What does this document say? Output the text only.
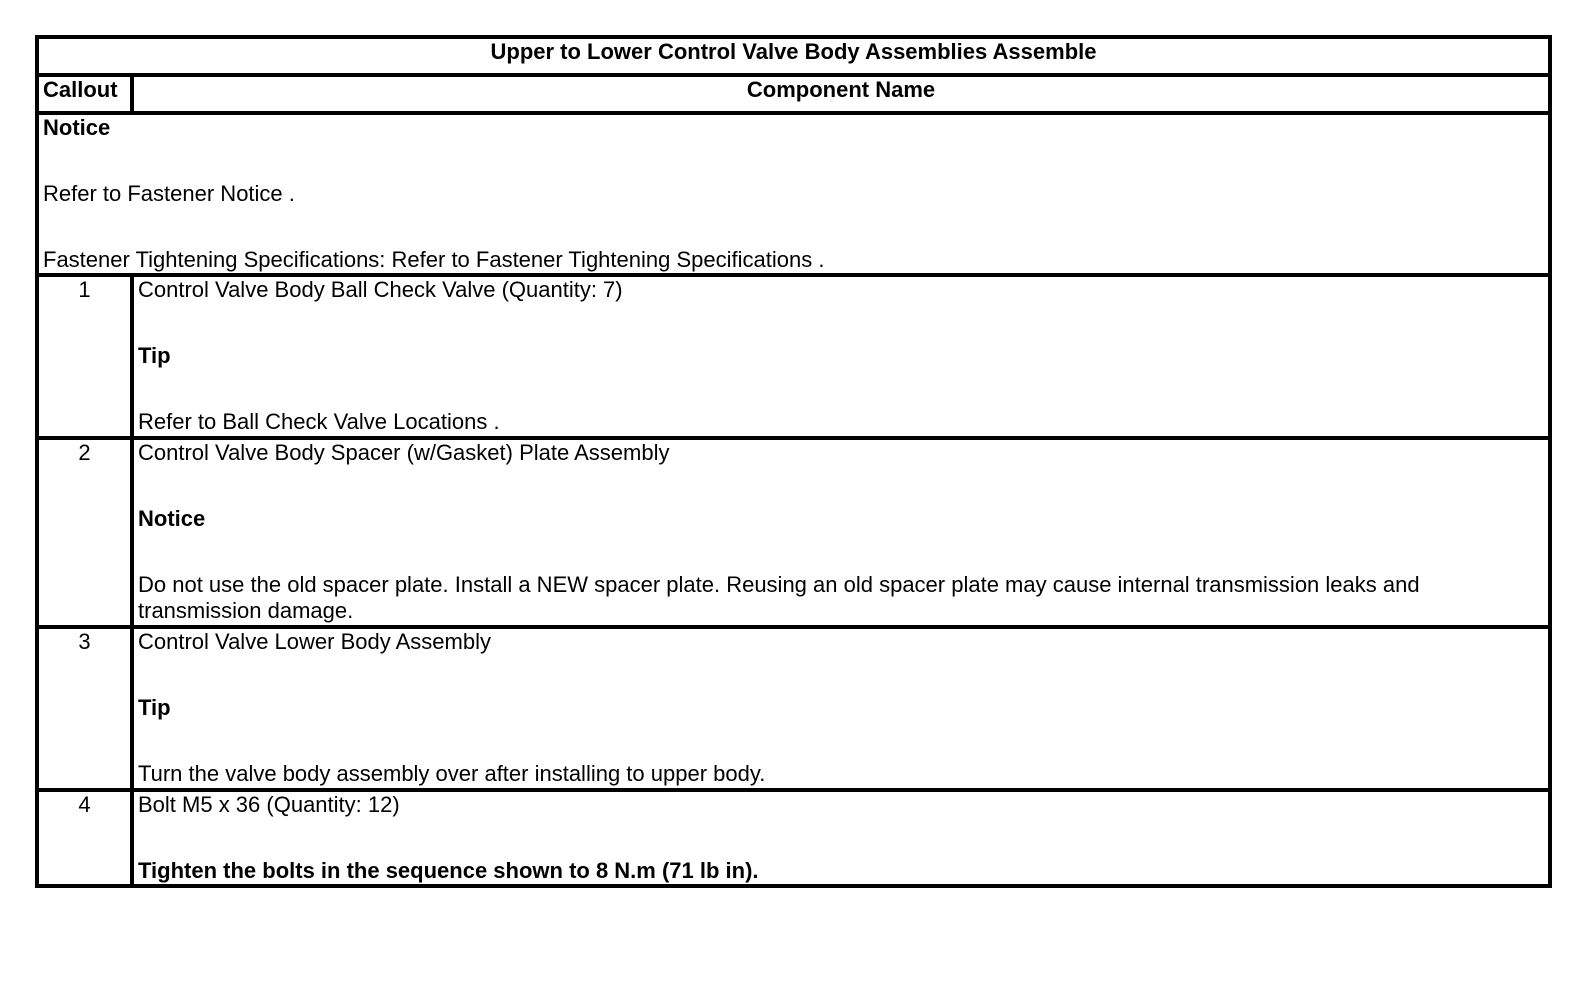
Upper to Lower Control Valve Body Assemblies Assemble	
Callout	Component Name

Notice
Refer to Fastener Notice .
Fastener Tightening Specifications: Refer to Fastener Tightening Specifications .	

1	Control Valve Body Ball Check Valve (Quantity: 7)
Tip
Refer to Ball Check Valve Locations .

2	Control Valve Body Spacer (w/Gasket) Plate Assembly
Notice
Do not use the old spacer plate. Install a NEW spacer plate. Reusing an old spacer plate may cause internal transmission leaks and transmission damage.

3	Control Valve Lower Body Assembly
Tip
Turn the valve body assembly over after installing to upper body.

4	Bolt M5 x 36 (Quantity: 12)
Tighten the bolts in the sequence shown to 8 N.m (71 lb in).
